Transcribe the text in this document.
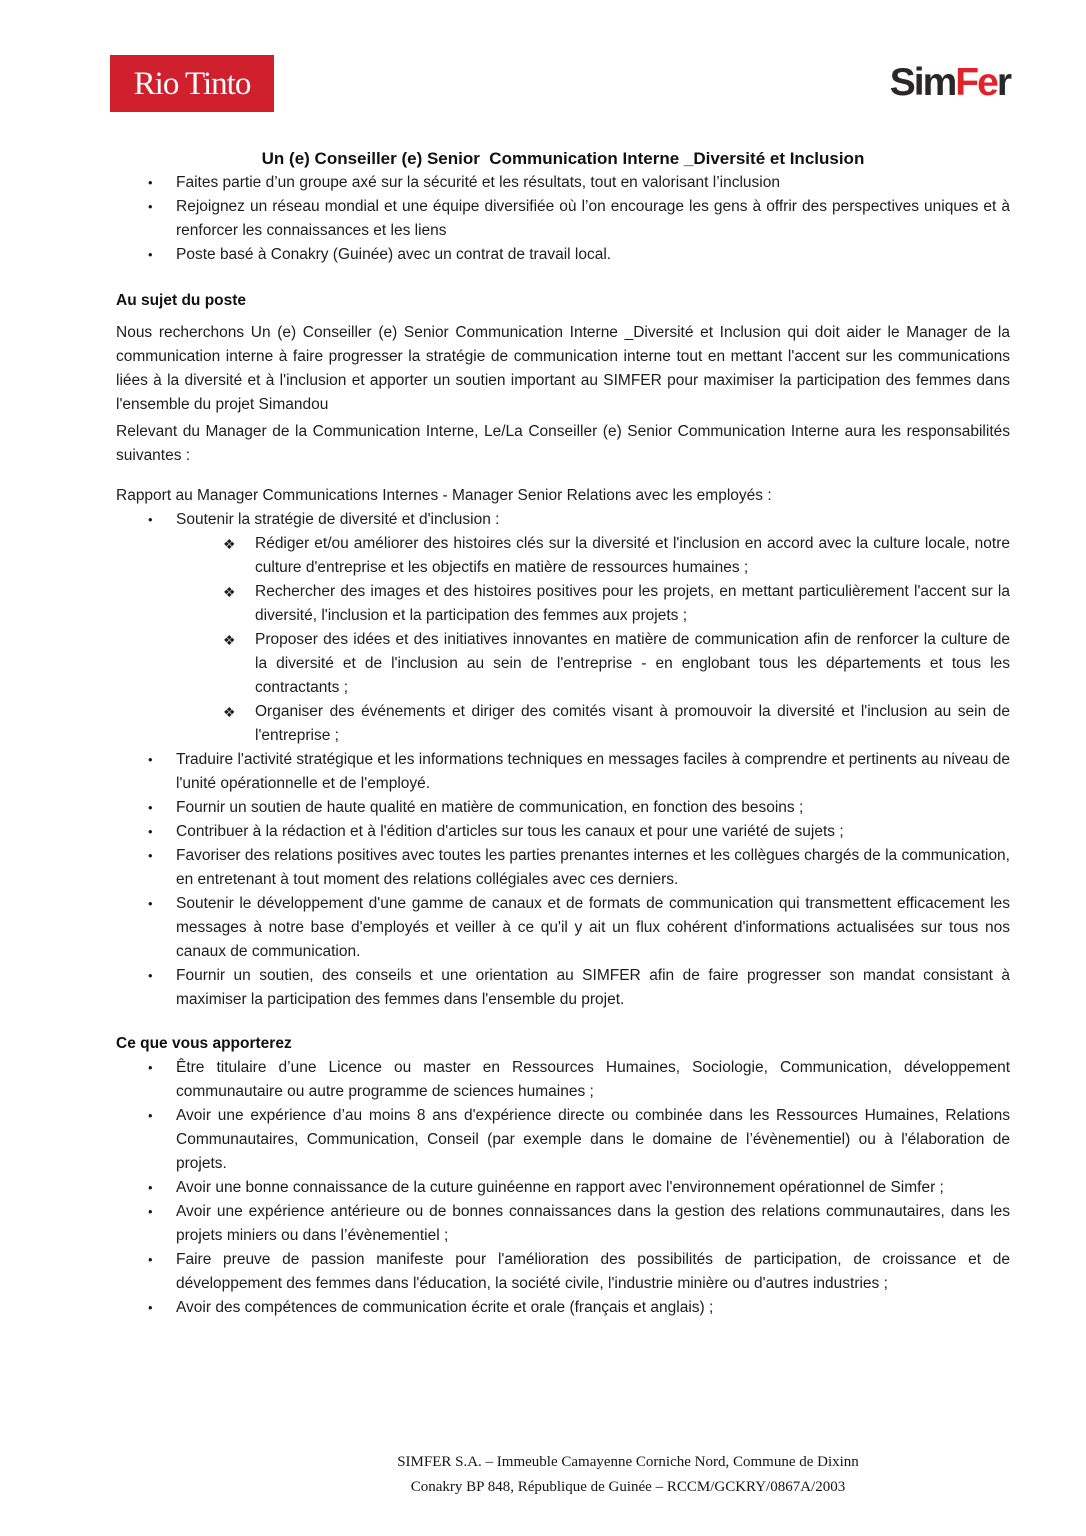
Rio Tinto	SimFer
Un (e) Conseiller (e) Senior  Communication Interne _Diversité et Inclusion
•	Faites partie d’un groupe axé sur la sécurité et les résultats, tout en valorisant l’inclusion
•	Rejoignez un réseau mondial et une équipe diversifiée où l’on encourage les gens à offrir des perspectives uniques et à renforcer les connaissances et les liens
•	Poste basé à Conakry (Guinée) avec un contrat de travail local.
Au sujet du poste

Nous recherchons Un (e) Conseiller (e) Senior Communication Interne _Diversité et Inclusion qui doit aider le Manager de la communication interne à faire progresser la stratégie de communication interne tout en mettant l'accent sur les communications liées à la diversité et à l'inclusion et apporter un soutien important au SIMFER pour maximiser la participation des femmes dans l'ensemble du projet Simandou

Relevant du Manager de la Communication Interne, Le/La Conseiller (e) Senior Communication Interne aura les responsabilités suivantes :

Rapport au Manager Communications Internes - Manager Senior Relations avec les employés :

•	Soutenir la stratégie de diversité et d'inclusion :
❖	Rédiger et/ou améliorer des histoires clés sur la diversité et l'inclusion en accord avec la culture locale, notre culture d'entreprise et les objectifs en matière de ressources humaines ;
❖	Rechercher des images et des histoires positives pour les projets, en mettant particulièrement l'accent sur la diversité, l'inclusion et la participation des femmes aux projets ;
❖	Proposer des idées et des initiatives innovantes en matière de communication afin de renforcer la culture de la diversité et de l'inclusion au sein de l'entreprise - en englobant tous les départements et tous les contractants ;
❖	Organiser des événements et diriger des comités visant à promouvoir la diversité et l'inclusion au sein de l'entreprise ;
•	Traduire l'activité stratégique et les informations techniques en messages faciles à comprendre et pertinents au niveau de l'unité opérationnelle et de l'employé.
•	Fournir un soutien de haute qualité en matière de communication, en fonction des besoins ;
•	Contribuer à la rédaction et à l'édition d'articles sur tous les canaux et pour une variété de sujets ;
•	Favoriser des relations positives avec toutes les parties prenantes internes et les collègues chargés de la communication, en entretenant à tout moment des relations collégiales avec ces derniers.
•	Soutenir le développement d'une gamme de canaux et de formats de communication qui transmettent efficacement les messages à notre base d'employés et veiller à ce qu'il y ait un flux cohérent d'informations actualisées sur tous nos canaux de communication.
•	Fournir un soutien, des conseils et une orientation au SIMFER afin de faire progresser son mandat consistant à maximiser la participation des femmes dans l'ensemble du projet.
Ce que vous apporterez
•	Être titulaire d’une Licence ou master en Ressources Humaines, Sociologie, Communication, développement communautaire ou autre programme de sciences humaines ;
•	Avoir une expérience d’au moins 8 ans d'expérience directe ou combinée dans les Ressources Humaines, Relations Communautaires, Communication, Conseil (par exemple dans le domaine de l’évènementiel) ou à l'élaboration de projets.
•	Avoir une bonne connaissance de la cuture guinéenne en rapport avec l'environnement opérationnel de Simfer ;
•	Avoir une expérience antérieure ou de bonnes connaissances dans la gestion des relations communautaires, dans les projets miniers ou dans l’évènementiel ;
•	Faire preuve de passion manifeste pour l'amélioration des possibilités de participation, de croissance et de développement des femmes dans l'éducation, la société civile, l'industrie minière ou d'autres industries ;
•	Avoir des compétences de communication écrite et orale (français et anglais) ;
SIMFER S.A. – Immeuble Camayenne Corniche Nord, Commune de Dixinn
Conakry BP 848, République de Guinée – RCCM/GCKRY/0867A/2003
